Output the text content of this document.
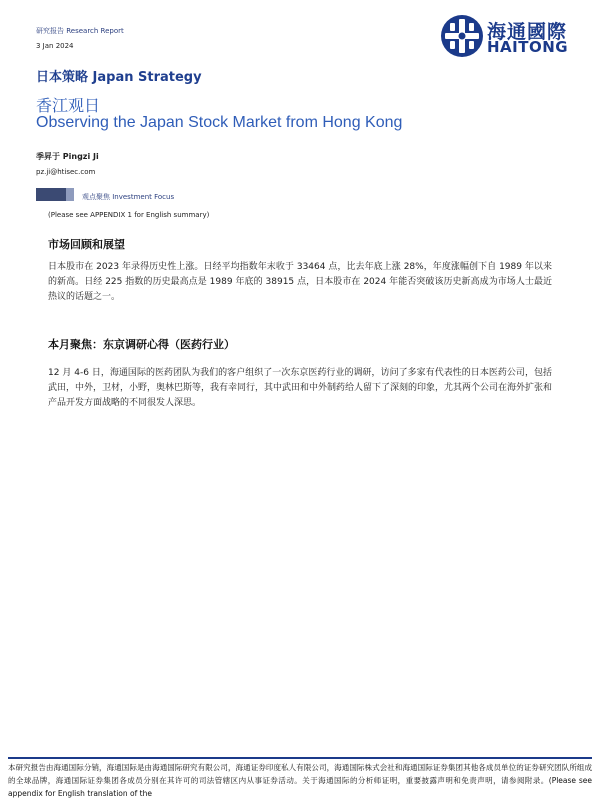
研究报告 Research Report
3 Jan 2024
海通國際
HAITONG
日本策略 Japan Strategy
香江观日
Observing the Japan Stock Market from Hong Kong
季昇于 Pingzi Ji
pz.ji@htisec.com
观点聚焦 Investment Focus
(Please see APPENDIX 1 for English summary)
市场回顾和展望
日本股市在 2023 年录得历史性上涨。日经平均指数年末收于 33464 点，比去年底上涨 28%，年度涨幅创下自 1989 年以来的新高。日经 225 指数的历史最高点是 1989 年底的 38915 点，日本股市在 2024 年能否突破该历史新高成为市场人士最近热议的话题之一。
本月聚焦：东京调研心得（医药行业）
12 月 4-6 日，海通国际的医药团队为我们的客户组织了一次东京医药行业的调研，访问了多家有代表性的日本医药公司，包括武田，中外，卫材，小野，奥林巴斯等，我有幸同行，其中武田和中外制药给人留下了深刻的印象，尤其两个公司在海外扩张和产品开发方面战略的不同很发人深思。
本研究报告由海通国际分销，海通国际是由海通国际研究有限公司，海通证券印度私人有限公司，海通国际株式会社和海通国际证券集团其他各成员单位的证券研究团队所组成的全球品牌，海通国际证券集团各成员分别在其许可的司法管辖区内从事证券活动。关于海通国际的分析师证明，重要披露声明和免责声明，请参阅附录。(Please see appendix for English translation of the
